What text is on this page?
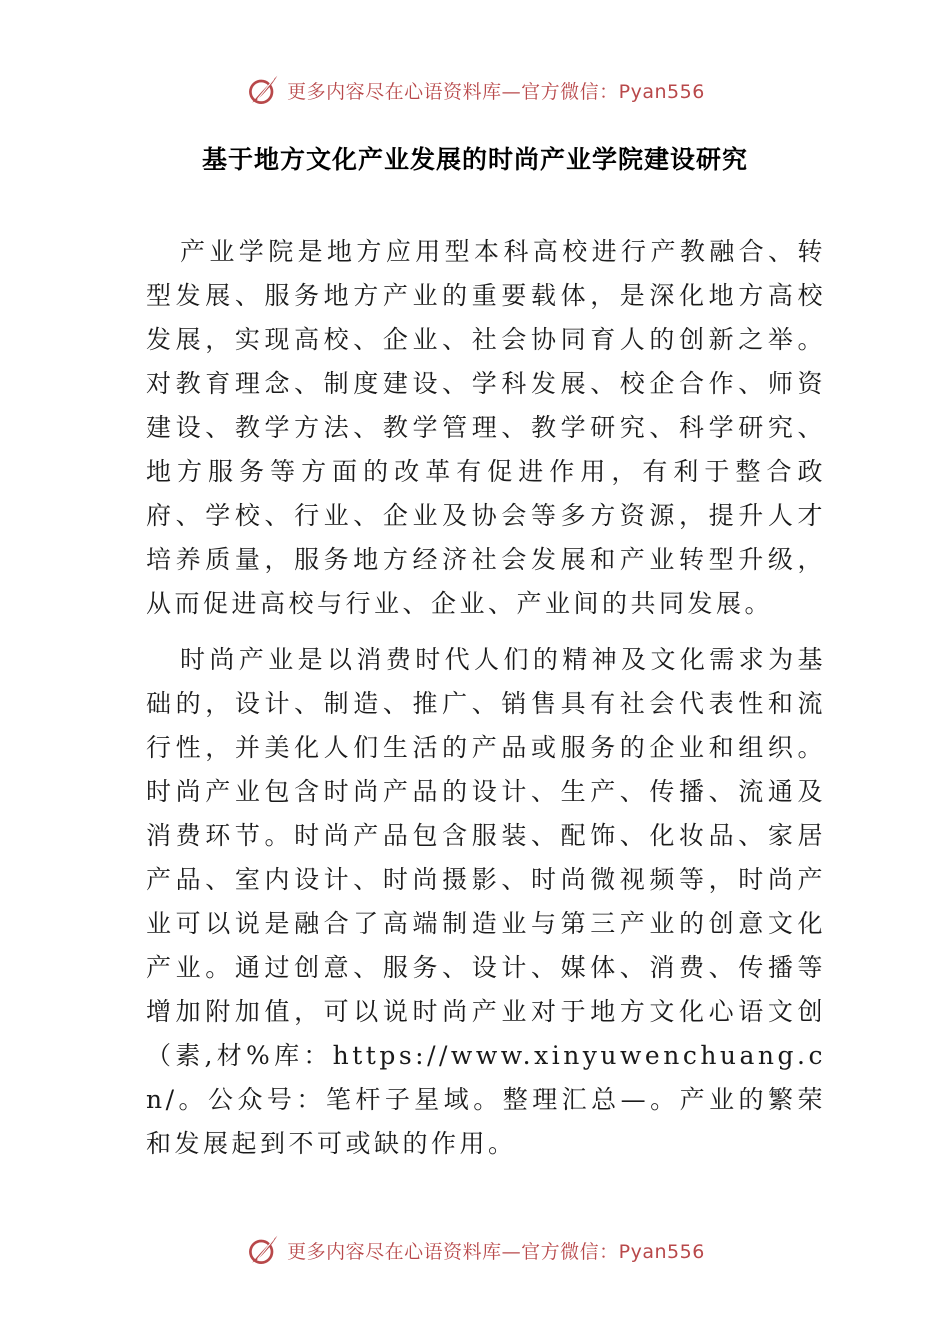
更多内容尽在心语资料库—官方微信：Pyan556
基于地方文化产业发展的时尚产业学院建设研究

产业学院是地方应用型本科高校进行产教融合、转型发展、服务地方产业的重要载体，是深化地方高校发展，实现高校、企业、社会协同育人的创新之举。对教育理念、制度建设、学科发展、校企合作、师资建设、教学方法、教学管理、教学研究、科学研究、地方服务等方面的改革有促进作用，有利于整合政府、学校、行业、企业及协会等多方资源，提升人才培养质量，服务地方经济社会发展和产业转型升级，从而促进高校与行业、企业、产业间的共同发展。

时尚产业是以消费时代人们的精神及文化需求为基础的，设计、制造、推广、销售具有社会代表性和流行性，并美化人们生活的产品或服务的企业和组织。时尚产业包含时尚产品的设计、生产、传播、流通及消费环节。时尚产品包含服装、配饰、化妆品、家居产品、室内设计、时尚摄影、时尚微视频等，时尚产业可以说是融合了高端制造业与第三产业的创意文化产业。通过创意、服务、设计、媒体、消费、传播等增加附加值，可以说时尚产业对于地方文化心语文创（素,材%库：https://www.xinyuwenchuang.cn/。公众号：笔杆子星域。整理汇总—。产业的繁荣和发展起到不可或缺的作用。

更多内容尽在心语资料库—官方微信：Pyan556
